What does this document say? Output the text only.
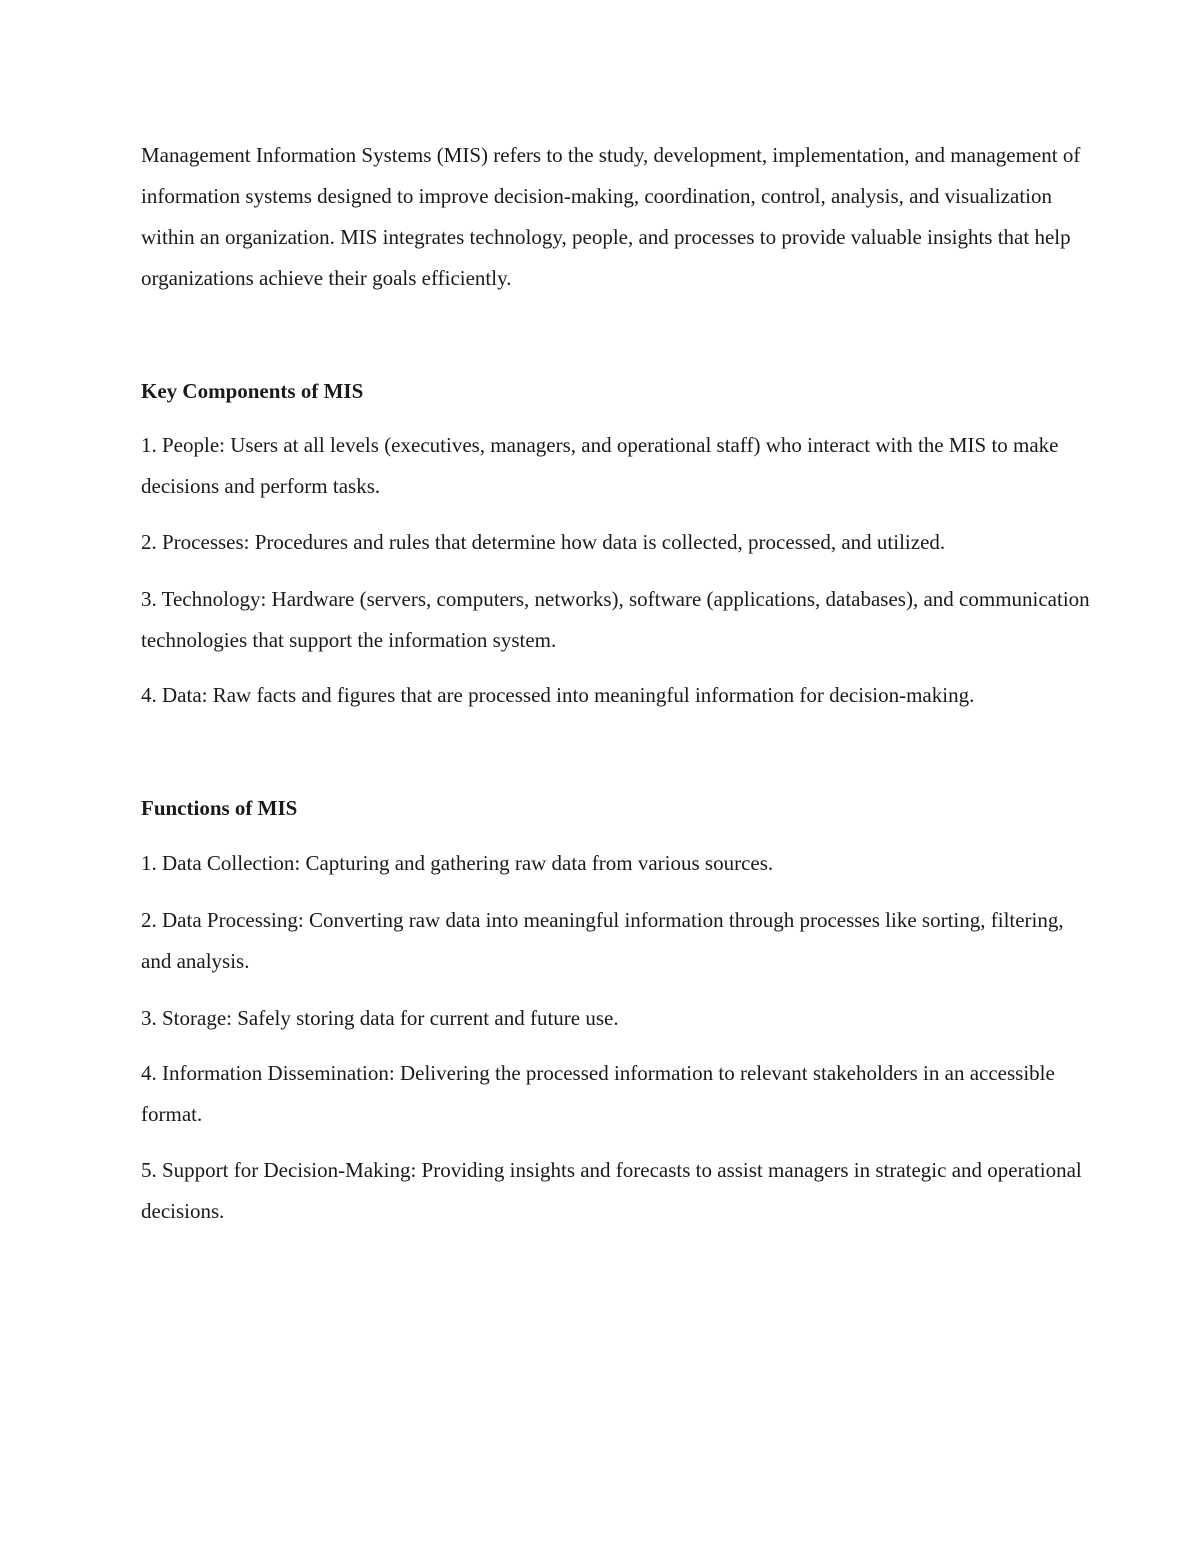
Management Information Systems (MIS) refers to the study, development, implementation, and management of information systems designed to improve decision-making, coordination, control, analysis, and visualization within an organization. MIS integrates technology, people, and processes to provide valuable insights that help organizations achieve their goals efficiently.

Key Components of MIS

1. People: Users at all levels (executives, managers, and operational staff) who interact with the MIS to make decisions and perform tasks.

2. Processes: Procedures and rules that determine how data is collected, processed, and utilized.

3. Technology: Hardware (servers, computers, networks), software (applications, databases), and communication technologies that support the information system.

4. Data: Raw facts and figures that are processed into meaningful information for decision-making.

Functions of MIS

1. Data Collection: Capturing and gathering raw data from various sources.

2. Data Processing: Converting raw data into meaningful information through processes like sorting, filtering, and analysis.

3. Storage: Safely storing data for current and future use.

4. Information Dissemination: Delivering the processed information to relevant stakeholders in an accessible format.

5. Support for Decision-Making: Providing insights and forecasts to assist managers in strategic and operational decisions.
